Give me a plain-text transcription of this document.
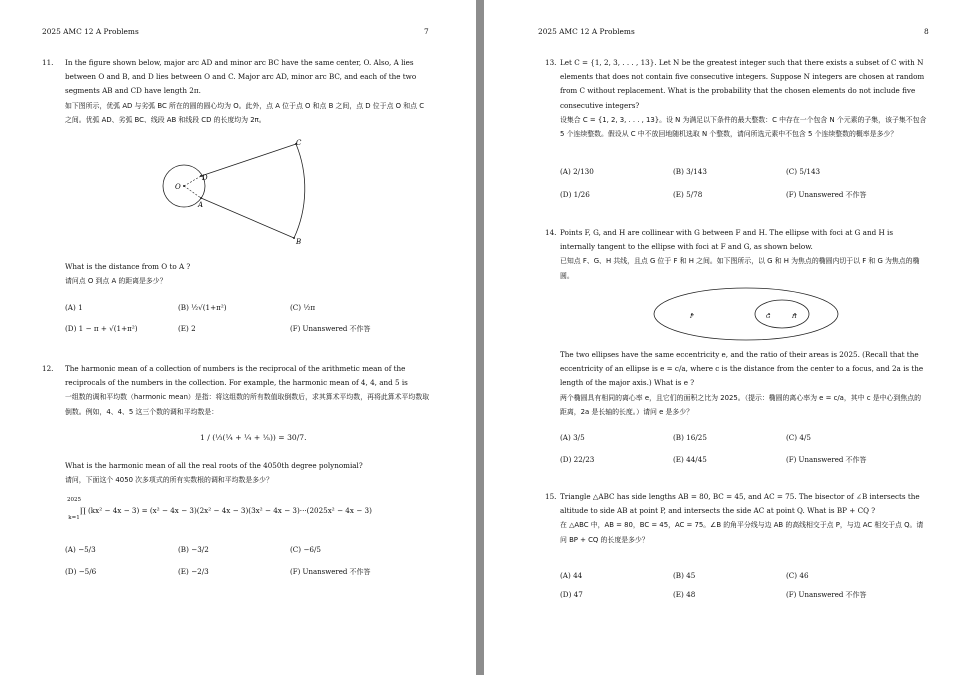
2025 AMC 12 A Problems	7
11. In the figure shown below, major arc AD and minor arc BC have the same center, O. Also, A lies between O and B, and D lies between O and C. Major arc AD, minor arc BC, and each of the two segments AB and CD have length 2π.

如下图所示，优弧 AD 与劣弧 BC 所在的圆的圆心均为 O。此外，点 A 位于点 O 和点 B 之间，点 D 位于点 O 和点 C 之间。优弧 AD、劣弧 BC、线段 AB 和线段 CD 的长度均为 2π。

O
D
A
C
B

What is the distance from O to A ?

请问点 O 到点 A 的距离是多少？

(A) 1	(B) ½√(1+π²)	(C) ½π
(D) 1 − π + √(1+π²)	(E) 2	(F) Unanswered 不作答
12. The harmonic mean of a collection of numbers is the reciprocal of the arithmetic mean of the reciprocals of the numbers in the collection. For example, the harmonic mean of 4, 4, and 5 is

一组数的调和平均数（harmonic mean）是指：将这组数的所有数值取倒数后，求其算术平均数，再将此算术平均数取倒数。例如，4、4、5 这三个数的调和平均数是：

1 / (⅓(¼ + ¼ + ⅕)) = 30/7.

What is the harmonic mean of all the real roots of the 4050th degree polynomial?

请问，下面这个 4050 次多项式的所有实数根的调和平均数是多少？

2025
k=1
∏ (kx² − 4x − 3) = (x² − 4x − 3)(2x² − 4x − 3)(3x² − 4x − 3)···(2025x² − 4x − 3)
(A) −5/3	(B) −3/2	(C) −6/5
(D) −5/6	(E) −2/3	(F) Unanswered 不作答
2025 AMC 12 A Problems	8
13. Let C = {1, 2, 3, . . . , 13}. Let N be the greatest integer such that there exists a subset of C with N elements that does not contain five consecutive integers. Suppose N integers are chosen at random from C without replacement. What is the probability that the chosen elements do not include five consecutive integers?

设集合 C = {1, 2, 3, . . . , 13}。设 N 为满足以下条件的最大整数：C 中存在一个包含 N 个元素的子集，该子集不包含 5 个连续整数。假设从 C 中不放回地随机选取 N 个整数，请问所选元素中不包含 5 个连续整数的概率是多少？

(A) 2/130	(B) 3/143	(C) 5/143
(D) 1/26	(E) 5/78	(F) Unanswered 不作答
14. Points F, G, and H are collinear with G between F and H. The ellipse with foci at G and H is internally tangent to the ellipse with foci at F and G, as shown below.

已知点 F、G、H 共线，且点 G 位于 F 和 H 之间。如下图所示，以 G 和 H 为焦点的椭圆内切于以 F 和 G 为焦点的椭圆。

F	G	H

The two ellipses have the same eccentricity e, and the ratio of their areas is 2025. (Recall that the eccentricity of an ellipse is e = c/a, where c is the distance from the center to a focus, and 2a is the length of the major axis.) What is e ?

两个椭圆具有相同的离心率 e，且它们的面积之比为 2025。（提示：椭圆的离心率为 e = c/a，其中 c 是中心到焦点的距离，2a 是长轴的长度。）请问 e 是多少？

(A) 3/5	(B) 16/25	(C) 4/5
(D) 22/23	(E) 44/45	(F) Unanswered 不作答
15. Triangle △ABC has side lengths AB = 80, BC = 45, and AC = 75. The bisector of ∠B intersects the altitude to side AB at point P, and intersects the side AC at point Q. What is BP + CQ ?

在 △ABC 中，AB = 80，BC = 45，AC = 75。∠B 的角平分线与边 AB 的高线相交于点 P，与边 AC 相交于点 Q。请问 BP + CQ 的长度是多少？

(A) 44	(B) 45	(C) 46
(D) 47	(E) 48	(F) Unanswered 不作答
